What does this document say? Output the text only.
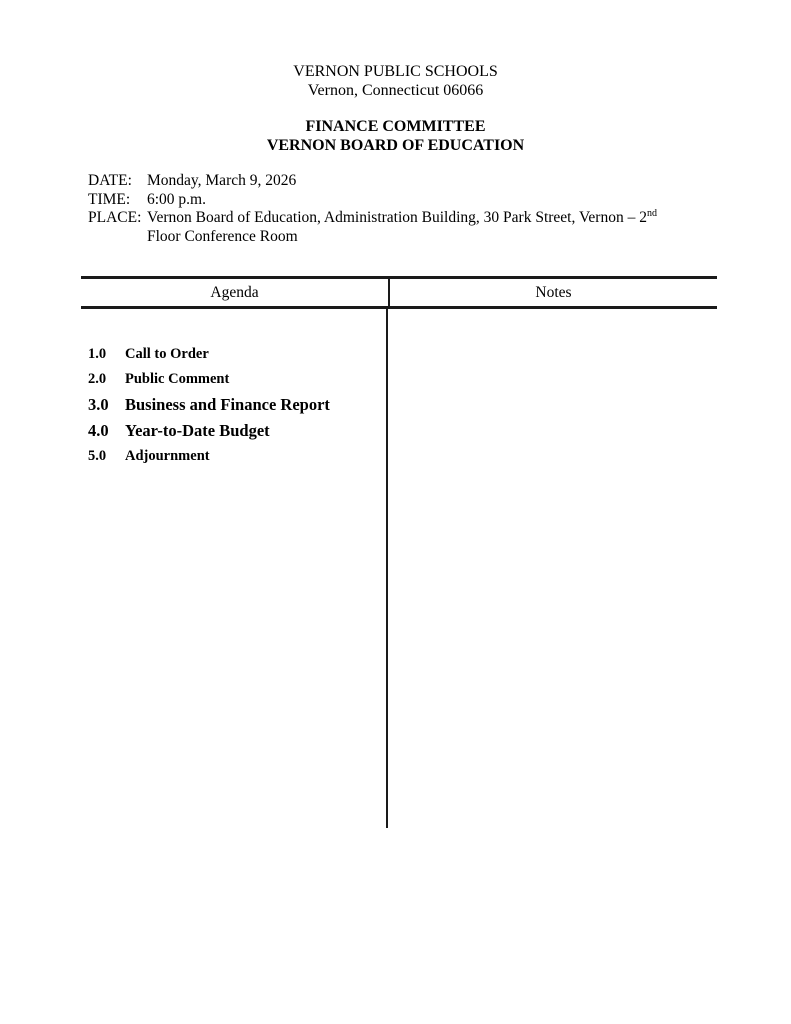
VERNON PUBLIC SCHOOLS
Vernon, Connecticut 06066
FINANCE COMMITTEE
VERNON BOARD OF EDUCATION
DATE: Monday, March 9, 2026
TIME:	6:00 p.m.
PLACE: Vernon Board of Education, Administration Building, 30 Park Street, Vernon – 2nd
Floor Conference Room
Agenda	Notes
1.0	Call to Order
2.0	Public Comment
3.0 Business and Finance Report
4.0 Year-to-Date Budget
5.0	Adjournment
